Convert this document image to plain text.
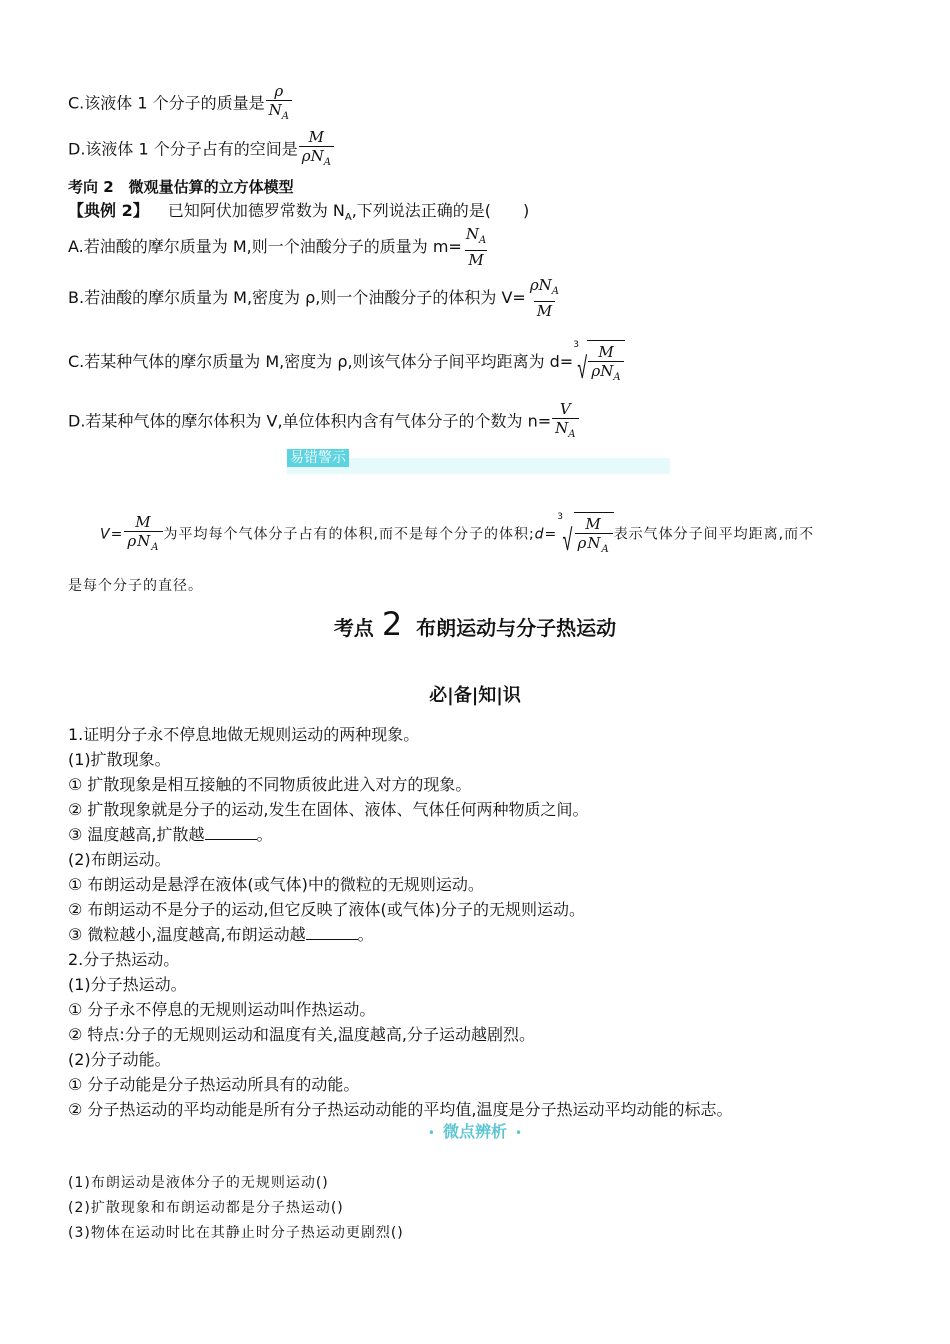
C.该液体 1 个分子的质量是 $\frac{\rho}{N_A}$
D.该液体 1 个分子占有的空间是 $\frac{M}{\rho N_A}$
考向 2　微观量估算的立方体模型
【典例 2】 已知阿伏加德罗常数为 $N_A$,下列说法正确的是(　　)
A.若油酸的摩尔质量为 M,则一个油酸分子的质量为 $m= \frac{N_A}{M}$
B.若油酸的摩尔质量为 M,密度为 ρ,则一个油酸分子的体积为 $V= \frac{\rho N_A}{M}$
C.若某种气体的摩尔质量为 M,密度为 ρ,则该气体分子间平均距离为 d=
3
√ $\frac{M}{\rho N_A}$
D.若某种气体的摩尔体积为 V,单位体积内含有气体分子的个数为 $n= \frac{V}{N_A}$
易错警示
$V= \frac{M}{\rho N_A}$ 为平均每个气体分子占有的体积,而不是每个分子的体积;d=
3
√ $\frac{M}{\rho N_A}$ 表示气体分子间平均距离,而不
是每个分子的直径。
考点 2 布朗运动与分子热运动
必|备|知|识
1.证明分子永不停息地做无规则运动的两种现象。
(1)扩散现象。
① 扩散现象是相互接触的不同物质彼此进入对方的现象。
② 扩散现象就是分子的运动,发生在固体、液体、气体任何两种物质之间。
③ 温度越高,扩散越	。
(2)布朗运动。
① 布朗运动是悬浮在液体(或气体)中的微粒的无规则运动。
② 布朗运动不是分子的运动,但它反映了液体(或气体)分子的无规则运动。
③ 微粒越小,温度越高,布朗运动越	。
2.分子热运动。
(1)分子热运动。
① 分子永不停息的无规则运动叫作热运动。
② 特点:分子的无规则运动和温度有关,温度越高,分子运动越剧烈。
(2)分子动能。
① 分子动能是分子热运动所具有的动能。
② 分子热运动的平均动能是所有分子热运动动能的平均值,温度是分子热运动平均动能的标志。
• 微点辨析 •
(1)布朗运动是液体分子的无规则运动()
(2)扩散现象和布朗运动都是分子热运动()
(3)物体在运动时比在其静止时分子热运动更剧烈()
